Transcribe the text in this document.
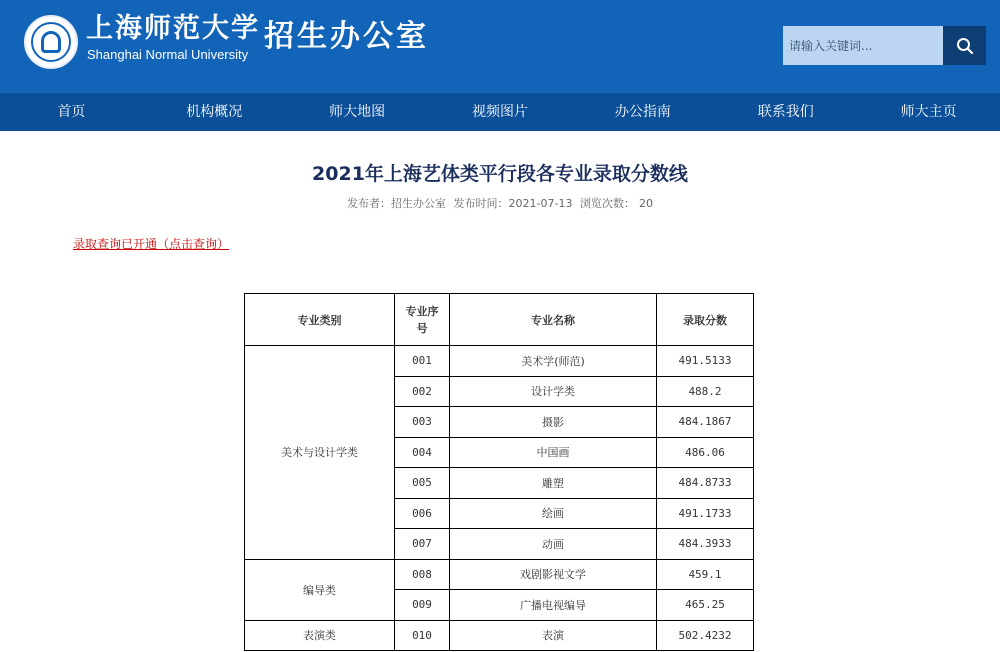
上海师范大学
Shanghai Normal University
招生办公室
请输入关键词...
首页	机构概况	师大地图	视频图片	办公指南	联系我们	师大主页
2021年上海艺体类平行段各专业录取分数线
发布者：招生办公室 发布时间：2021-07-13 浏览次数： 20
录取查询已开通（点击查询）
专业类别	专业序号	专业名称	录取分数
美术与设计学类	001	美术学(师范)	491.5133
	002	设计学类	488.2
	003	摄影	484.1867
	004	中国画	486.06
	005	雕塑	484.8733
	006	绘画	491.1733
	007	动画	484.3933
编导类	008	戏剧影视文学	459.1
	009	广播电视编导	465.25
表演类	010	表演	502.4232
